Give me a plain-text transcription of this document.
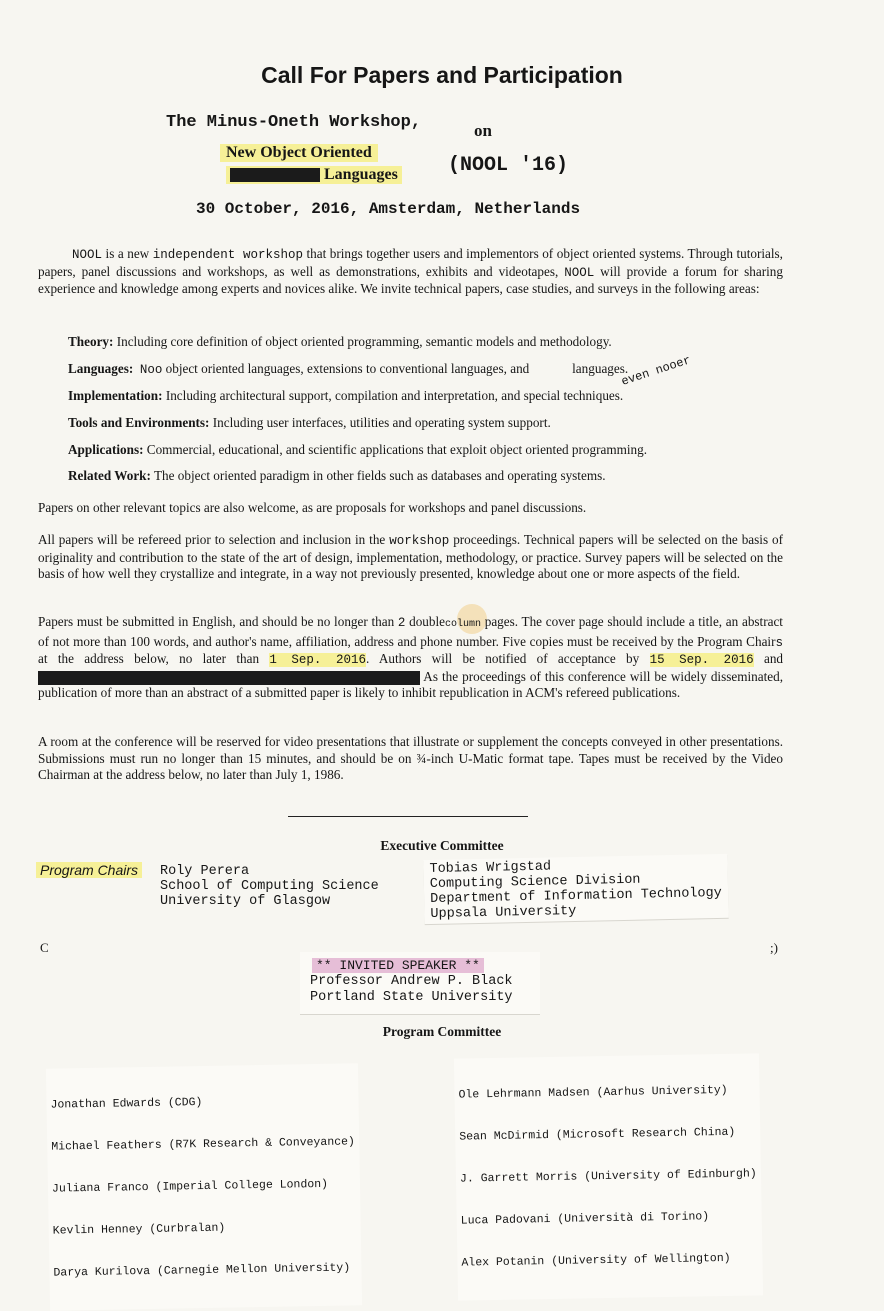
Call For Papers and Participation
The Minus-Oneth Workshop,	on
New Object Oriented
Languages	(NOOL '16)
30 October, 2016, Amsterdam, Netherlands
NOOL is a new independent workshop that brings together users and implementors of object oriented systems. Through tutorials, papers, panel discussions and workshops, as well as demonstrations, exhibits and videotapes, NOOL will provide a forum for sharing experience and knowledge among experts and novices alike. We invite technical papers, case studies, and surveys in the following areas:
Theory: Including core definition of object oriented programming, semantic models and methodology.
Languages: Noo object oriented languages, extensions to conventional languages, and	languages.
even nooer
Implementation: Including architectural support, compilation and interpretation, and special techniques.
Tools and Environments: Including user interfaces, utilities and operating system support.
Applications: Commercial, educational, and scientific applications that exploit object oriented programming.
Related Work: The object oriented paradigm in other fields such as databases and operating systems.
Papers on other relevant topics are also welcome, as are proposals for workshops and panel discussions.
All papers will be refereed prior to selection and inclusion in the workshop proceedings. Technical papers will be selected on the basis of originality and contribution to the state of the art of design, implementation, methodology, or practice. Survey papers will be selected on the basis of how well they crystallize and integrate, in a way not previously presented, knowledge about one or more aspects of the field.
Papers must be submitted in English, and should be no longer than 2 doublecolumn pages. The cover page should include a title, an abstract of not more than 100 words, and author's name, affiliation, address and phone number. Five copies must be received by the Program Chairs at the address below, no later than 1 Sep. 2016. Authors will be notified of acceptance by 15 Sep. 2016 and  As the proceedings of this conference will be widely disseminated, publication of more than an abstract of a submitted paper is likely to inhibit republication in ACM's refereed publications.
A room at the conference will be reserved for video presentations that illustrate or supplement the concepts conveyed in other presentations. Submissions must run no longer than 15 minutes, and should be on ¾-inch U-Matic format tape. Tapes must be received by the Video Chairman at the address below, no later than July 1, 1986.
Executive Committee
Program Chairs Roly Perera
School of Computing Science
University of Glasgow
Tobias Wrigstad
Computing Science Division
Department of Information Technology
Uppsala University
C	;)
** INVITED SPEAKER **
Professor Andrew P. Black
Portland State University
Program Committee

Jonathan Edwards (CDG)

Michael Feathers (R7K Research & Conveyance)

Juliana Franco (Imperial College London)

Kevlin Henney (Curbralan)

Darya Kurilova (Carnegie Mellon University)

Ole Lehrmann Madsen (Aarhus University)

Sean McDirmid (Microsoft Research China)

J. Garrett Morris (University of Edinburgh)

Luca Padovani (Università di Torino)

Alex Potanin (University of Wellington)
